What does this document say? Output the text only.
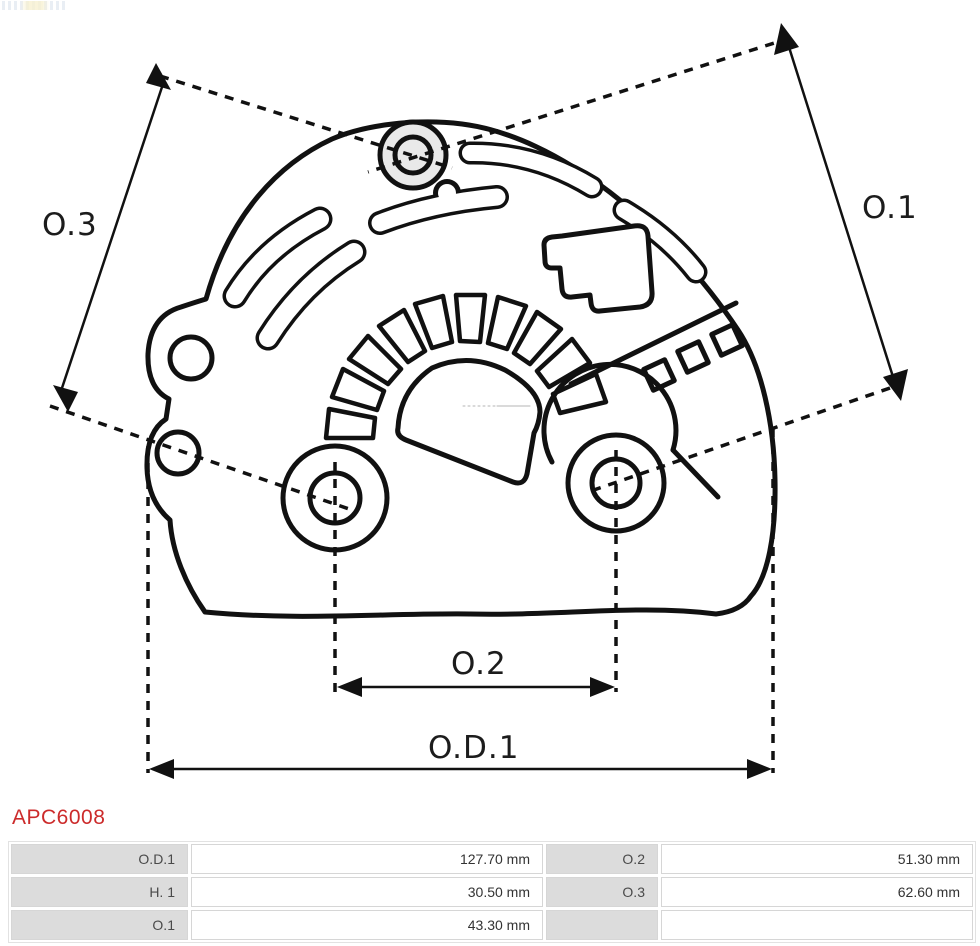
O.3	O.1
O.2
O.D.1
APC6008
O.D.1	127.70 mm	O.2	51.30 mm
H. 1	30.50 mm	O.3	62.60 mm
O.1	43.30 mm
